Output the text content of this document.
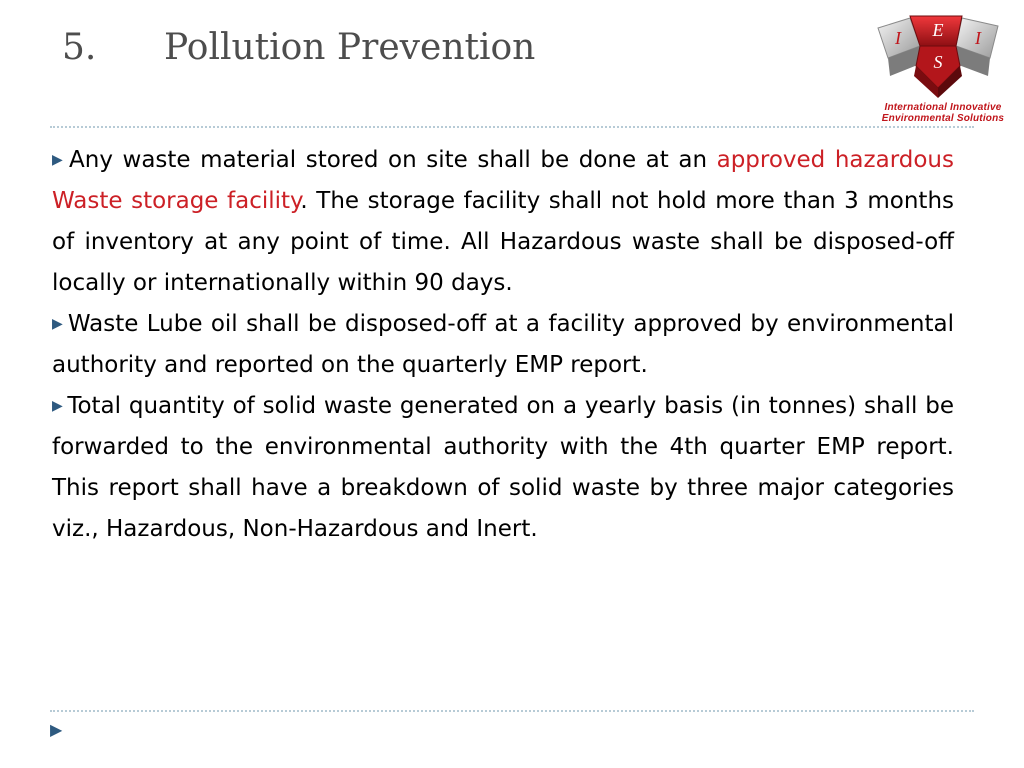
5. Pollution Prevention	I E
S
I
International Innovative
Environmental Solutions

▶ Any waste material stored on site shall be done at an approved hazardous Waste storage facility. The storage facility shall not hold more than 3 months of inventory at any point of time. All Hazardous waste shall be disposed-off locally or internationally within 90 days.

▶ Waste Lube oil shall be disposed-off at a facility approved by environmental authority and reported on the quarterly EMP report.

▶ Total quantity of solid waste generated on a yearly basis (in tonnes) shall be forwarded to the environmental authority with the 4th quarter EMP report. This report shall have a breakdown of solid waste by three major categories viz., Hazardous, Non-Hazardous and Inert.

▶
